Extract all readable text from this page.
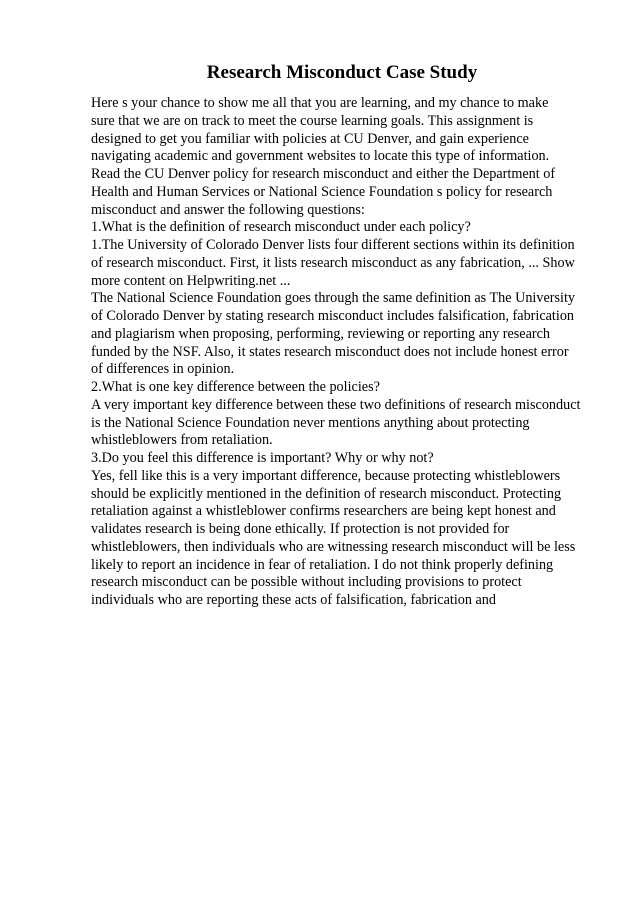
Research Misconduct Case Study
Here s your chance to show me all that you are learning, and my chance to make
sure that we are on track to meet the course learning goals. This assignment is
designed to get you familiar with policies at CU Denver, and gain experience
navigating academic and government websites to locate this type of information.
Read the CU Denver policy for research misconduct and either the Department of
Health and Human Services or National Science Foundation s policy for research
misconduct and answer the following questions:
1.What is the definition of research misconduct under each policy?
1.The University of Colorado Denver lists four different sections within its definition
of research misconduct. First, it lists research misconduct as any fabrication, ... Show
more content on Helpwriting.net ...
The National Science Foundation goes through the same definition as The University
of Colorado Denver by stating research misconduct includes falsification, fabrication
and plagiarism when proposing, performing, reviewing or reporting any research
funded by the NSF. Also, it states research misconduct does not include honest error
of differences in opinion.
2.What is one key difference between the policies?
A very important key difference between these two definitions of research misconduct
is the National Science Foundation never mentions anything about protecting
whistleblowers from retaliation.
3.Do you feel this difference is important? Why or why not?
Yes, fell like this is a very important difference, because protecting whistleblowers
should be explicitly mentioned in the definition of research misconduct. Protecting
retaliation against a whistleblower confirms researchers are being kept honest and
validates research is being done ethically. If protection is not provided for
whistleblowers, then individuals who are witnessing research misconduct will be less
likely to report an incidence in fear of retaliation. I do not think properly defining
research misconduct can be possible without including provisions to protect
individuals who are reporting these acts of falsification, fabrication and
